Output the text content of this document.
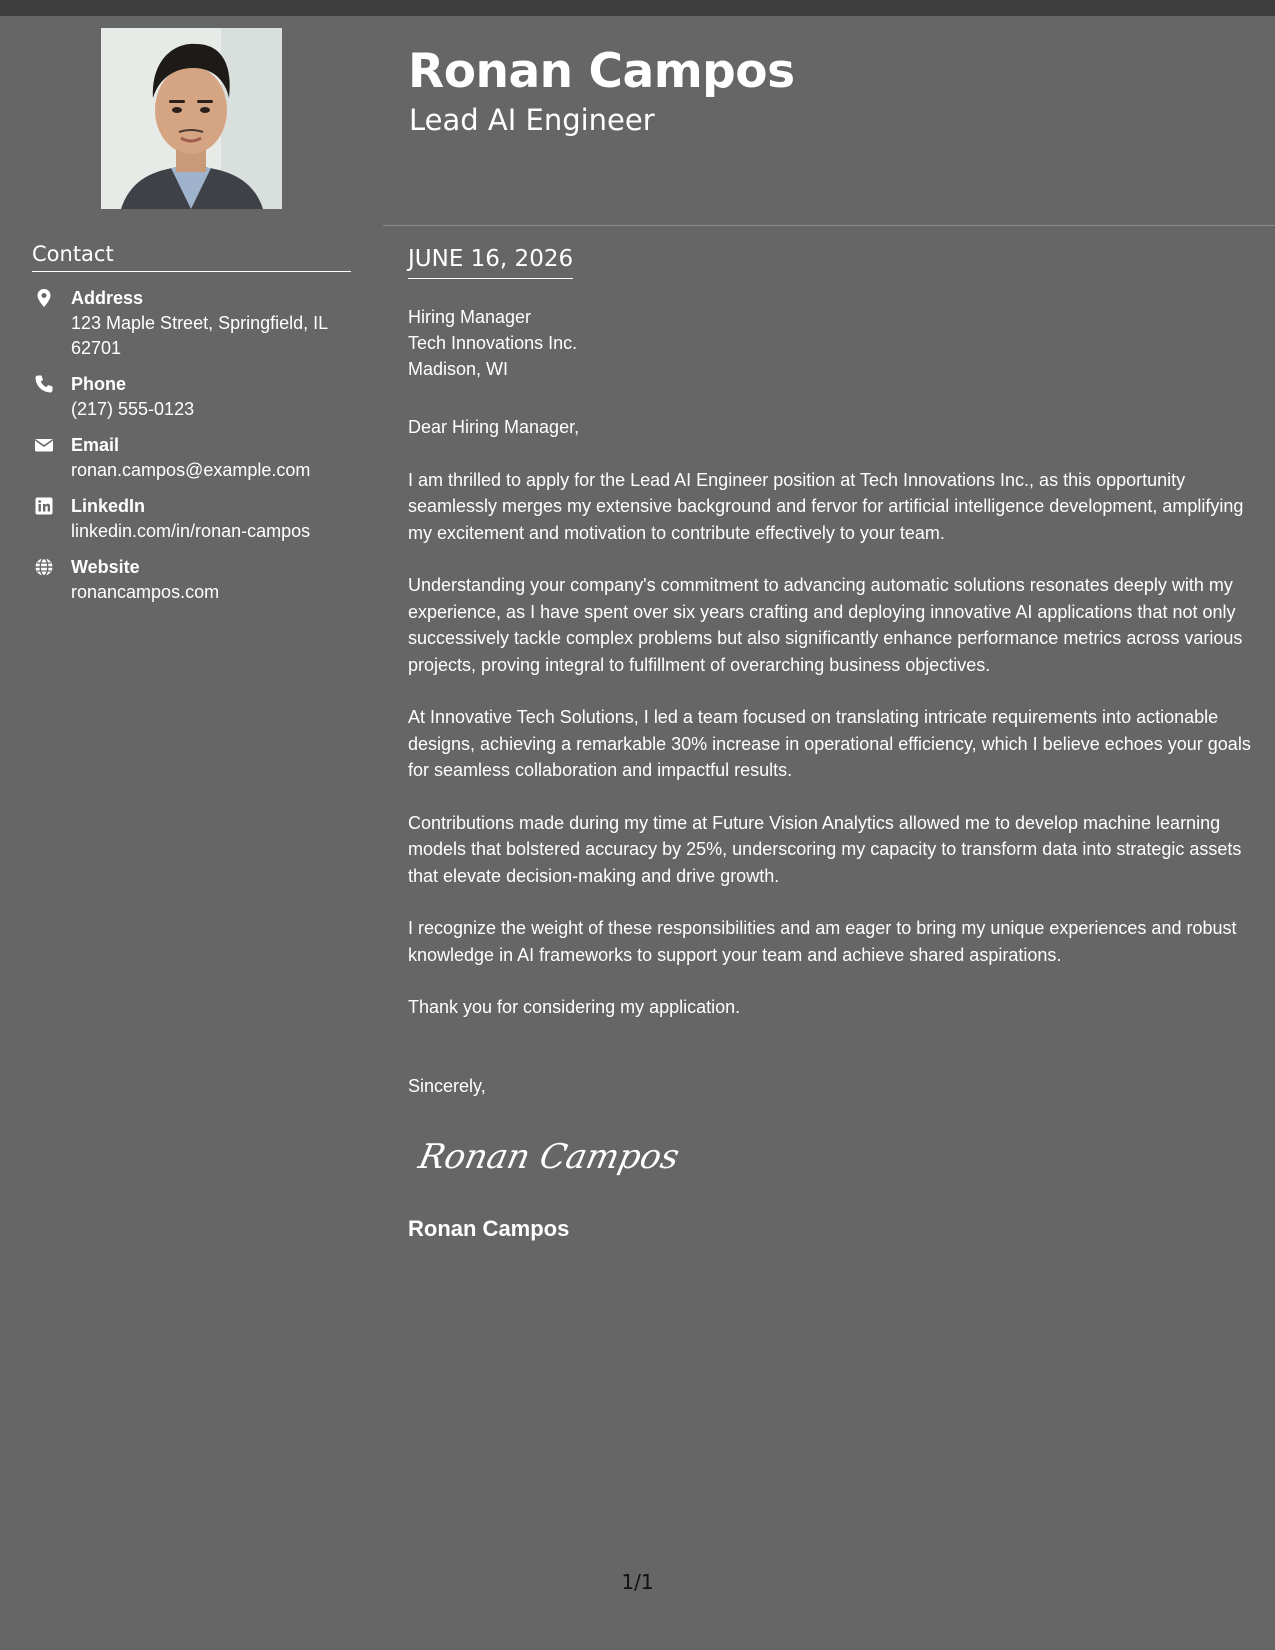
Contact
Address
123 Maple Street, Springfield, IL 62701
Phone
(217) 555-0123
Email
ronan.campos@example.com
LinkedIn
linkedin.com/in/ronan-campos
Website
ronancampos.com
Ronan Campos
Lead AI Engineer
JUNE 16, 2026
Hiring Manager
Tech Innovations Inc.
Madison, WI

Dear Hiring Manager,

I am thrilled to apply for the Lead AI Engineer position at Tech Innovations Inc., as this opportunity seamlessly merges my extensive background and fervor for artificial intelligence development, amplifying my excitement and motivation to contribute effectively to your team.

Understanding your company's commitment to advancing automatic solutions resonates deeply with my experience, as I have spent over six years crafting and deploying innovative AI applications that not only successively tackle complex problems but also significantly enhance performance metrics across various projects, proving integral to fulfillment of overarching business objectives.

At Innovative Tech Solutions, I led a team focused on translating intricate requirements into actionable designs, achieving a remarkable 30% increase in operational efficiency, which I believe echoes your goals for seamless collaboration and impactful results.

Contributions made during my time at Future Vision Analytics allowed me to develop machine learning models that bolstered accuracy by 25%, underscoring my capacity to transform data into strategic assets that elevate decision-making and drive growth.

I recognize the weight of these responsibilities and am eager to bring my unique experiences and robust knowledge in AI frameworks to support your team and achieve shared aspirations.

Thank you for considering my application.

Sincerely,
Ronan Campos
Ronan Campos
1/1
